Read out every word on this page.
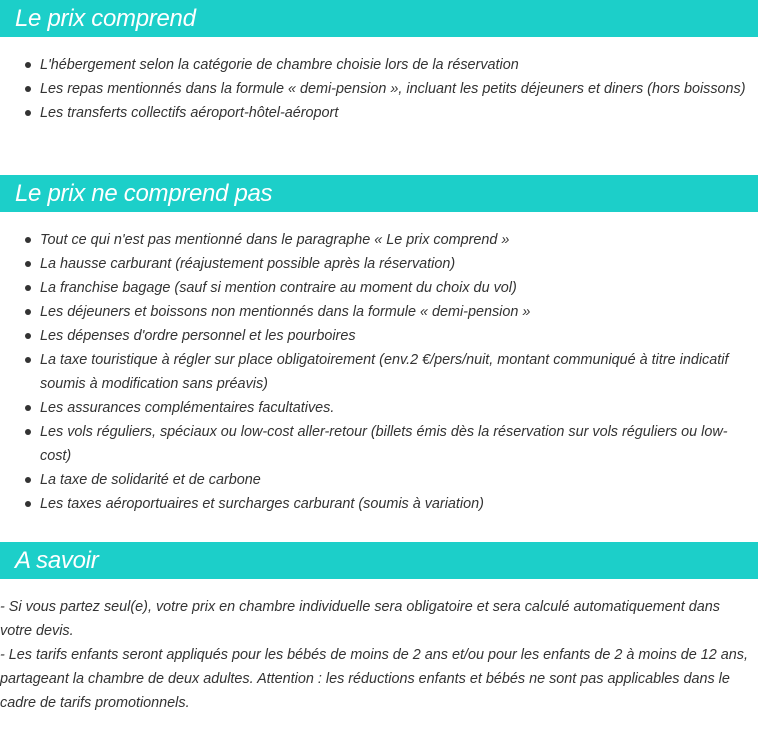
Le prix comprend
L'hébergement selon la catégorie de chambre choisie lors de la réservation
Les repas mentionnés dans la formule « demi-pension », incluant les petits déjeuners et diners (hors boissons)
Les transferts collectifs aéroport-hôtel-aéroport
Le prix ne comprend pas
Tout ce qui n'est pas mentionné dans le paragraphe « Le prix comprend »
La hausse carburant (réajustement possible après la réservation)
La franchise bagage (sauf si mention contraire au moment du choix du vol)
Les déjeuners et boissons non mentionnés dans la formule « demi-pension »
Les dépenses d'ordre personnel et les pourboires
La taxe touristique à régler sur place obligatoirement (env.2 €/pers/nuit, montant communiqué à titre indicatif soumis à modification sans préavis)
Les assurances complémentaires facultatives.
Les vols réguliers, spéciaux ou low-cost aller-retour (billets émis dès la réservation sur vols réguliers ou low-cost)
La taxe de solidarité et de carbone
Les taxes aéroportuaires et surcharges carburant (soumis à variation)
A savoir

- Si vous partez seul(e), votre prix en chambre individuelle sera obligatoire et sera calculé automatiquement dans votre devis.

- Les tarifs enfants seront appliqués pour les bébés de moins de 2 ans et/ou pour les enfants de 2 à moins de 12 ans, partageant la chambre de deux adultes. Attention : les réductions enfants et bébés ne sont pas applicables dans le cadre de tarifs promotionnels.
